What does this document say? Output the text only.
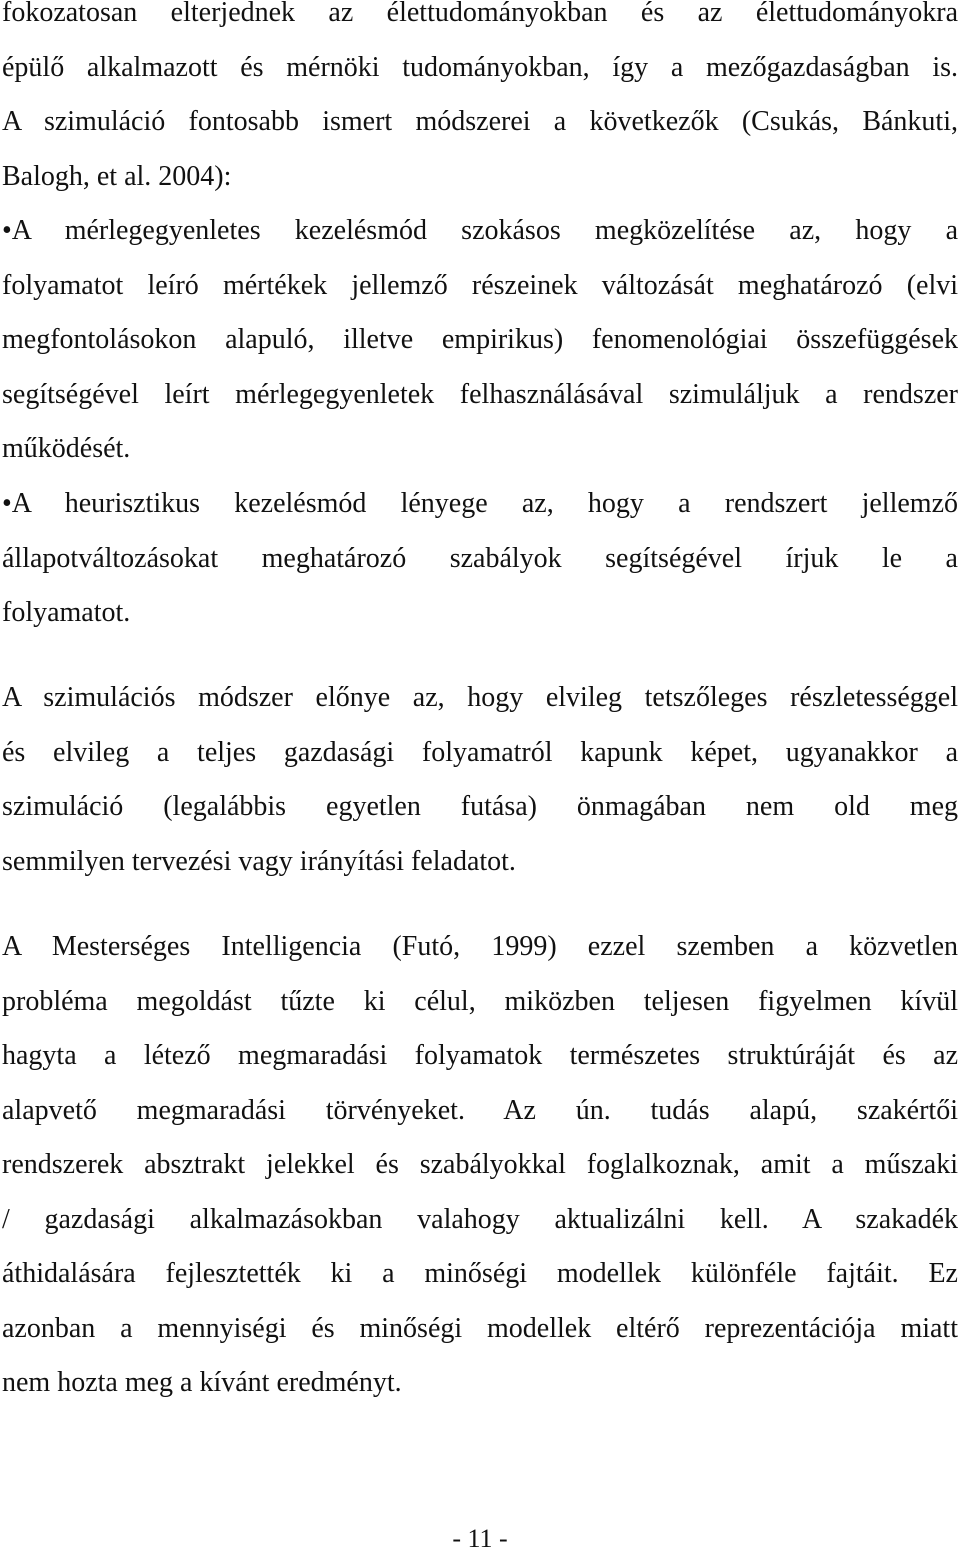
fokozatosan elterjednek az élettudományokban és az élettudományokra
épülő alkalmazott és mérnöki tudományokban, így a mezőgazdaságban is.
A szimuláció fontosabb ismert módszerei a következők (Csukás, Bánkuti,
Balogh, et al. 2004):
•A mérlegegyenletes kezelésmód szokásos megközelítése az, hogy a
folyamatot leíró mértékek jellemző részeinek változását meghatározó (elvi
megfontolásokon alapuló, illetve empirikus) fenomenológiai összefüggések
segítségével leírt mérlegegyenletek felhasználásával szimuláljuk a rendszer
működését.
•A heurisztikus kezelésmód lényege az, hogy a rendszert jellemző
állapotváltozásokat meghatározó szabályok segítségével írjuk le a
folyamatot.
A szimulációs módszer előnye az, hogy elvileg tetszőleges részletességgel
és elvileg a teljes gazdasági folyamatról kapunk képet, ugyanakkor a
szimuláció (legalábbis egyetlen futása) önmagában nem old meg
semmilyen tervezési vagy irányítási feladatot.
A Mesterséges Intelligencia (Futó, 1999) ezzel szemben a közvetlen
probléma megoldást tűzte ki célul, miközben teljesen figyelmen kívül
hagyta a létező megmaradási folyamatok természetes struktúráját és az
alapvető megmaradási törvényeket. Az ún. tudás alapú, szakértői
rendszerek absztrakt jelekkel és szabályokkal foglalkoznak, amit a műszaki
/ gazdasági alkalmazásokban valahogy aktualizálni kell. A szakadék
áthidalására fejlesztették ki a minőségi modellek különféle fajtáit. Ez
azonban a mennyiségi és minőségi modellek eltérő reprezentációja miatt
nem hozta meg a kívánt eredményt.
- 11 -
